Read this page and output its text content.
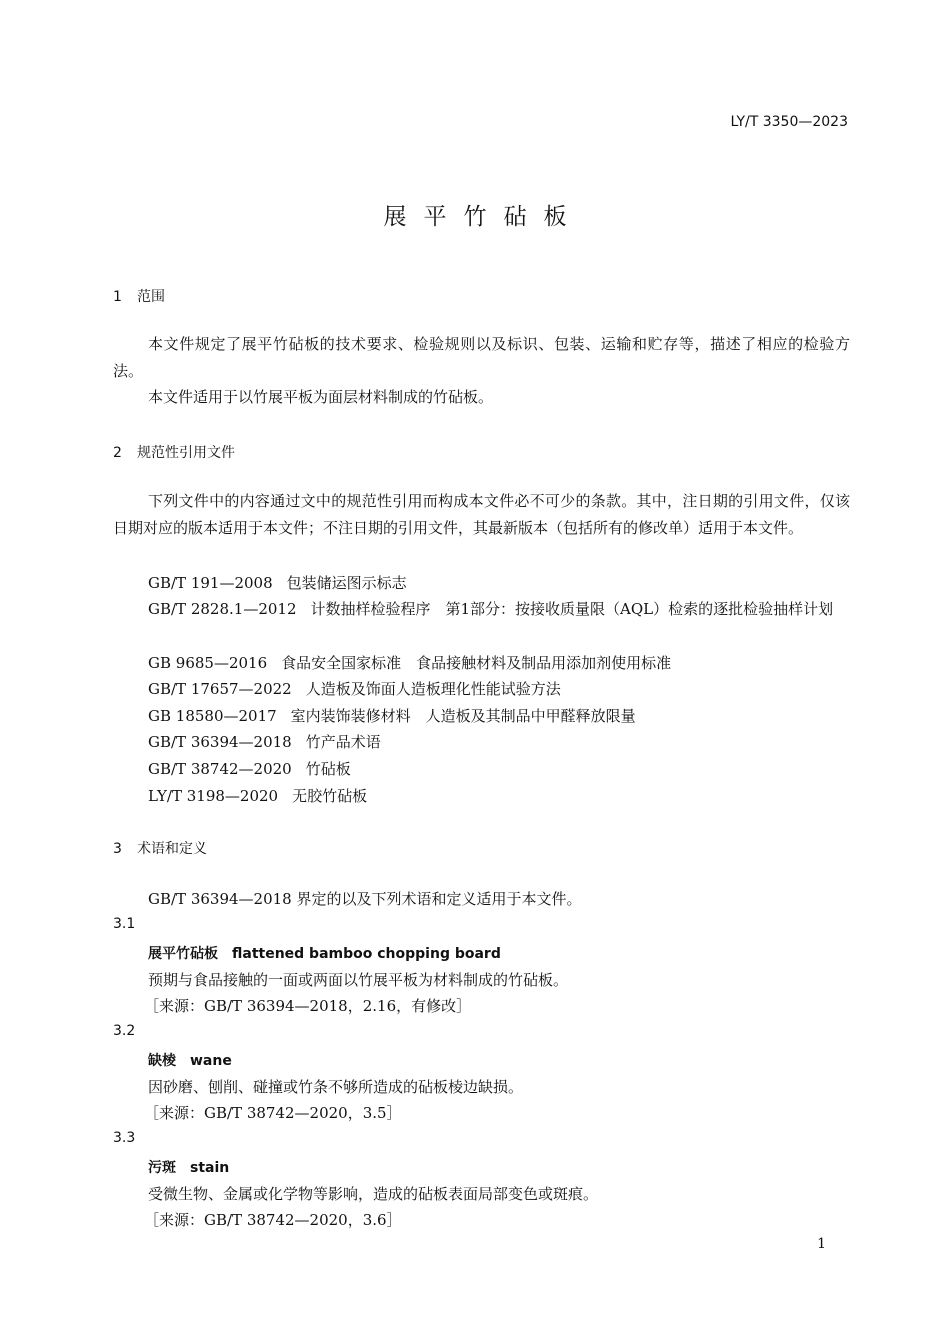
LY/T 3350—2023
展平竹砧板
1 范围
本文件规定了展平竹砧板的技术要求、检验规则以及标识、包装、运输和贮存等，描述了相应的检验方法。
本文件适用于以竹展平板为面层材料制成的竹砧板。
2 规范性引用文件
下列文件中的内容通过文中的规范性引用而构成本文件必不可少的条款。其中，注日期的引用文件，仅该日期对应的版本适用于本文件；不注日期的引用文件，其最新版本（包括所有的修改单）适用于本文件。
GB/T 191—2008 包装储运图示标志
GB/T 2828.1—2012 计数抽样检验程序　第1部分：按接收质量限（AQL）检索的逐批检验抽样计划
GB 9685—2016 食品安全国家标准　食品接触材料及制品用添加剂使用标准
GB/T 17657—2022 人造板及饰面人造板理化性能试验方法
GB 18580—2017 室内装饰装修材料　人造板及其制品中甲醛释放限量
GB/T 36394—2018 竹产品术语
GB/T 38742—2020 竹砧板
LY/T 3198—2020 无胶竹砧板
3 术语和定义
GB/T 36394—2018 界定的以及下列术语和定义适用于本文件。
3.1
展平竹砧板 flattened bamboo chopping board
预期与食品接触的一面或两面以竹展平板为材料制成的竹砧板。
［来源：GB/T 36394—2018，2.16，有修改］
3.2
缺棱 wane
因砂磨、刨削、碰撞或竹条不够所造成的砧板棱边缺损。
［来源：GB/T 38742—2020，3.5］
3.3
污斑 stain
受微生物、金属或化学物等影响，造成的砧板表面局部变色或斑痕。
［来源：GB/T 38742—2020，3.6］
1
